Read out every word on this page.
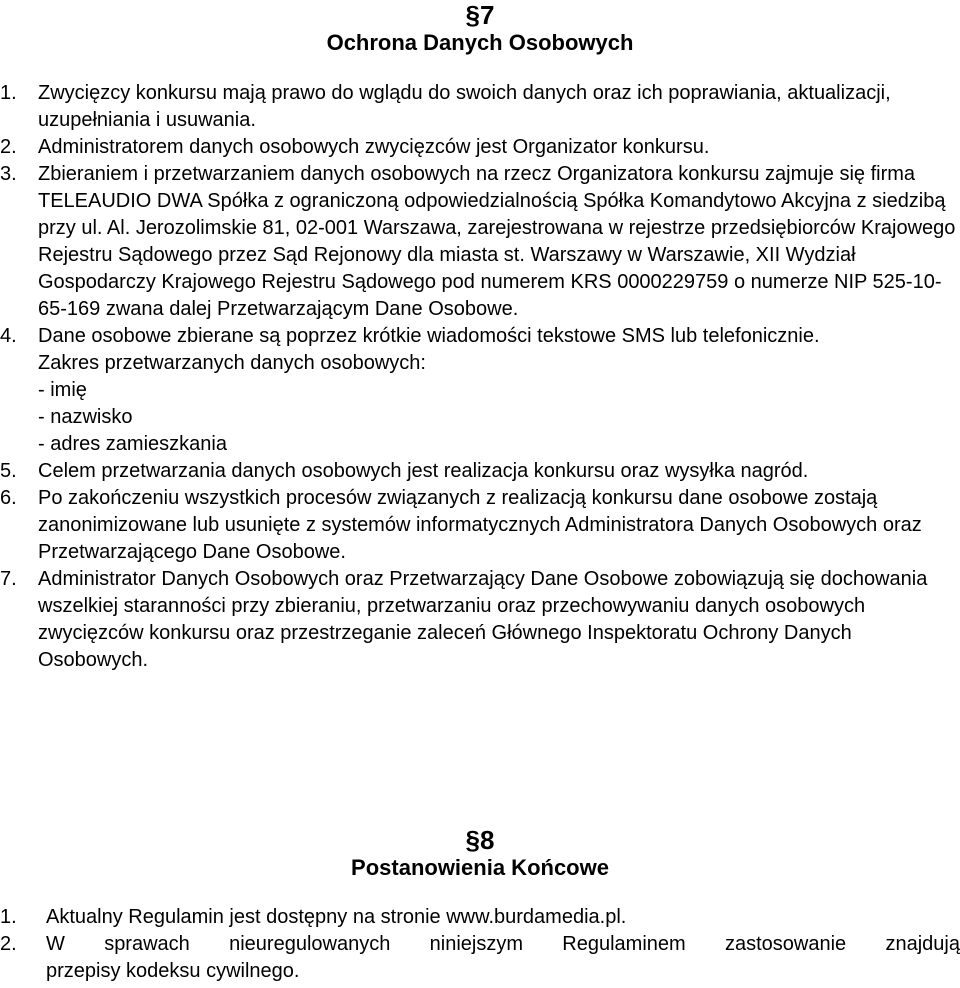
§7
Ochrona Danych Osobowych
1. Zwycięzcy konkursu mają prawo do wglądu do swoich danych oraz ich poprawiania, aktualizacji, uzupełniania i usuwania.
2. Administratorem danych osobowych zwycięzców jest Organizator konkursu.
3. Zbieraniem i przetwarzaniem danych osobowych na rzecz Organizatora konkursu zajmuje się firma TELEAUDIO DWA Spółka z ograniczoną odpowiedzialnością Spółka Komandytowo Akcyjna z siedzibą przy ul. Al. Jerozolimskie 81, 02-001 Warszawa, zarejestrowana w rejestrze przedsiębiorców Krajowego Rejestru Sądowego przez Sąd Rejonowy dla miasta st. Warszawy w Warszawie, XII Wydział Gospodarczy Krajowego Rejestru Sądowego pod numerem KRS 0000229759 o numerze NIP 525-10-65-169 zwana dalej Przetwarzającym Dane Osobowe.
4. Dane osobowe zbierane są poprzez krótkie wiadomości tekstowe SMS lub telefonicznie.
Zakres przetwarzanych danych osobowych:
- imię
- nazwisko
- adres zamieszkania
5. Celem przetwarzania danych osobowych jest realizacja konkursu oraz wysyłka nagród.
6. Po zakończeniu wszystkich procesów związanych z realizacją konkursu dane osobowe zostają zanonimizowane lub usunięte z systemów informatycznych Administratora Danych Osobowych oraz Przetwarzającego Dane Osobowe.
7. Administrator Danych Osobowych oraz Przetwarzający Dane Osobowe zobowiązują się dochowania wszelkiej staranności przy zbieraniu, przetwarzaniu oraz przechowywaniu danych osobowych zwycięzców konkursu oraz przestrzeganie zaleceń Głównego Inspektoratu Ochrony Danych Osobowych.
§8
Postanowienia Końcowe
1. Aktualny Regulamin jest dostępny na stronie www.burdamedia.pl.
2. W sprawach nieuregulowanych niniejszym Regulaminem zastosowanie znajdują
przepisy kodeksu cywilnego.
